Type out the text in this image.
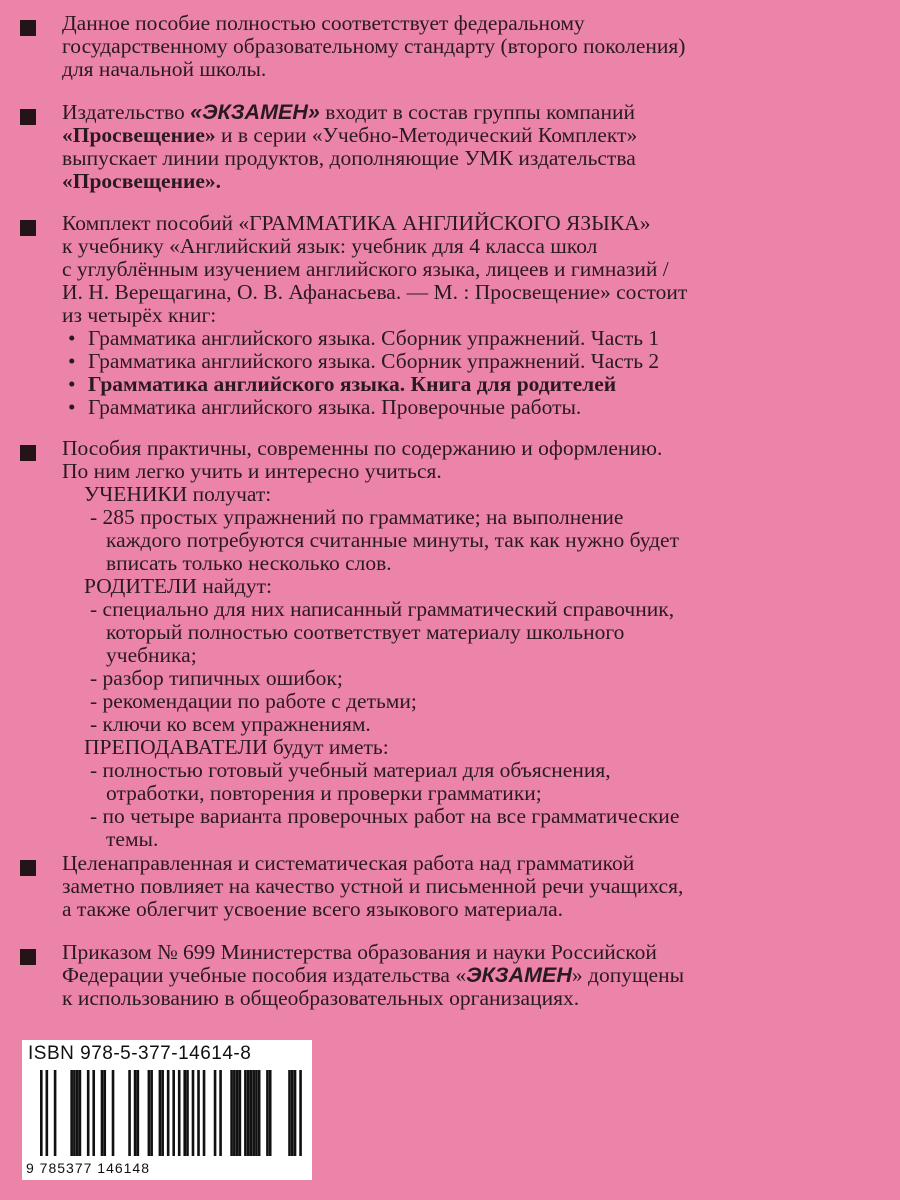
Данное пособие полностью соответствует федеральному
государственному образовательному стандарту (второго поколения)
для начальной школы.
Издательство «ЭКЗАМЕН» входит в состав группы компаний
«Просвещение» и в серии «Учебно-Методический Комплект»
выпускает линии продуктов, дополняющие УМК издательства
«Просвещение».
Комплект пособий «ГРАММАТИКА АНГЛИЙСКОГО ЯЗЫКА»
к учебнику «Английский язык: учебник для 4 класса школ
с углублённым изучением английского языка, лицеев и гимназий /
И. Н. Верещагина, О. В. Афанасьева. — М. : Просвещение» состоит
из четырёх книг:
• Грамматика английского языка. Сборник упражнений. Часть 1
• Грамматика английского языка. Сборник упражнений. Часть 2
• Грамматика английского языка. Книга для родителей
• Грамматика английского языка. Проверочные работы.
Пособия практичны, современны по содержанию и оформлению.
По ним легко учить и интересно учиться.
УЧЕНИКИ получат:
- 285 простых упражнений по грамматике; на выполнение
каждого потребуются считанные минуты, так как нужно будет
вписать только несколько слов.
РОДИТЕЛИ найдут:
- специально для них написанный грамматический справочник,
который полностью соответствует материалу школьного
учебника;
- разбор типичных ошибок;
- рекомендации по работе с детьми;
- ключи ко всем упражнениям.
ПРЕПОДАВАТЕЛИ будут иметь:
- полностью готовый учебный материал для объяснения,
отработки, повторения и проверки грамматики;
- по четыре варианта проверочных работ на все грамматические
темы.
Целенаправленная и систематическая работа над грамматикой
заметно повлияет на качество устной и письменной речи учащихся,
а также облегчит усвоение всего языкового материала.
Приказом № 699 Министерства образования и науки Российской
Федерации учебные пособия издательства «ЭКЗАМЕН» допущены
к использованию в общеобразовательных организациях.
ISBN 978-5-377-14614-8
9 785377 146148
